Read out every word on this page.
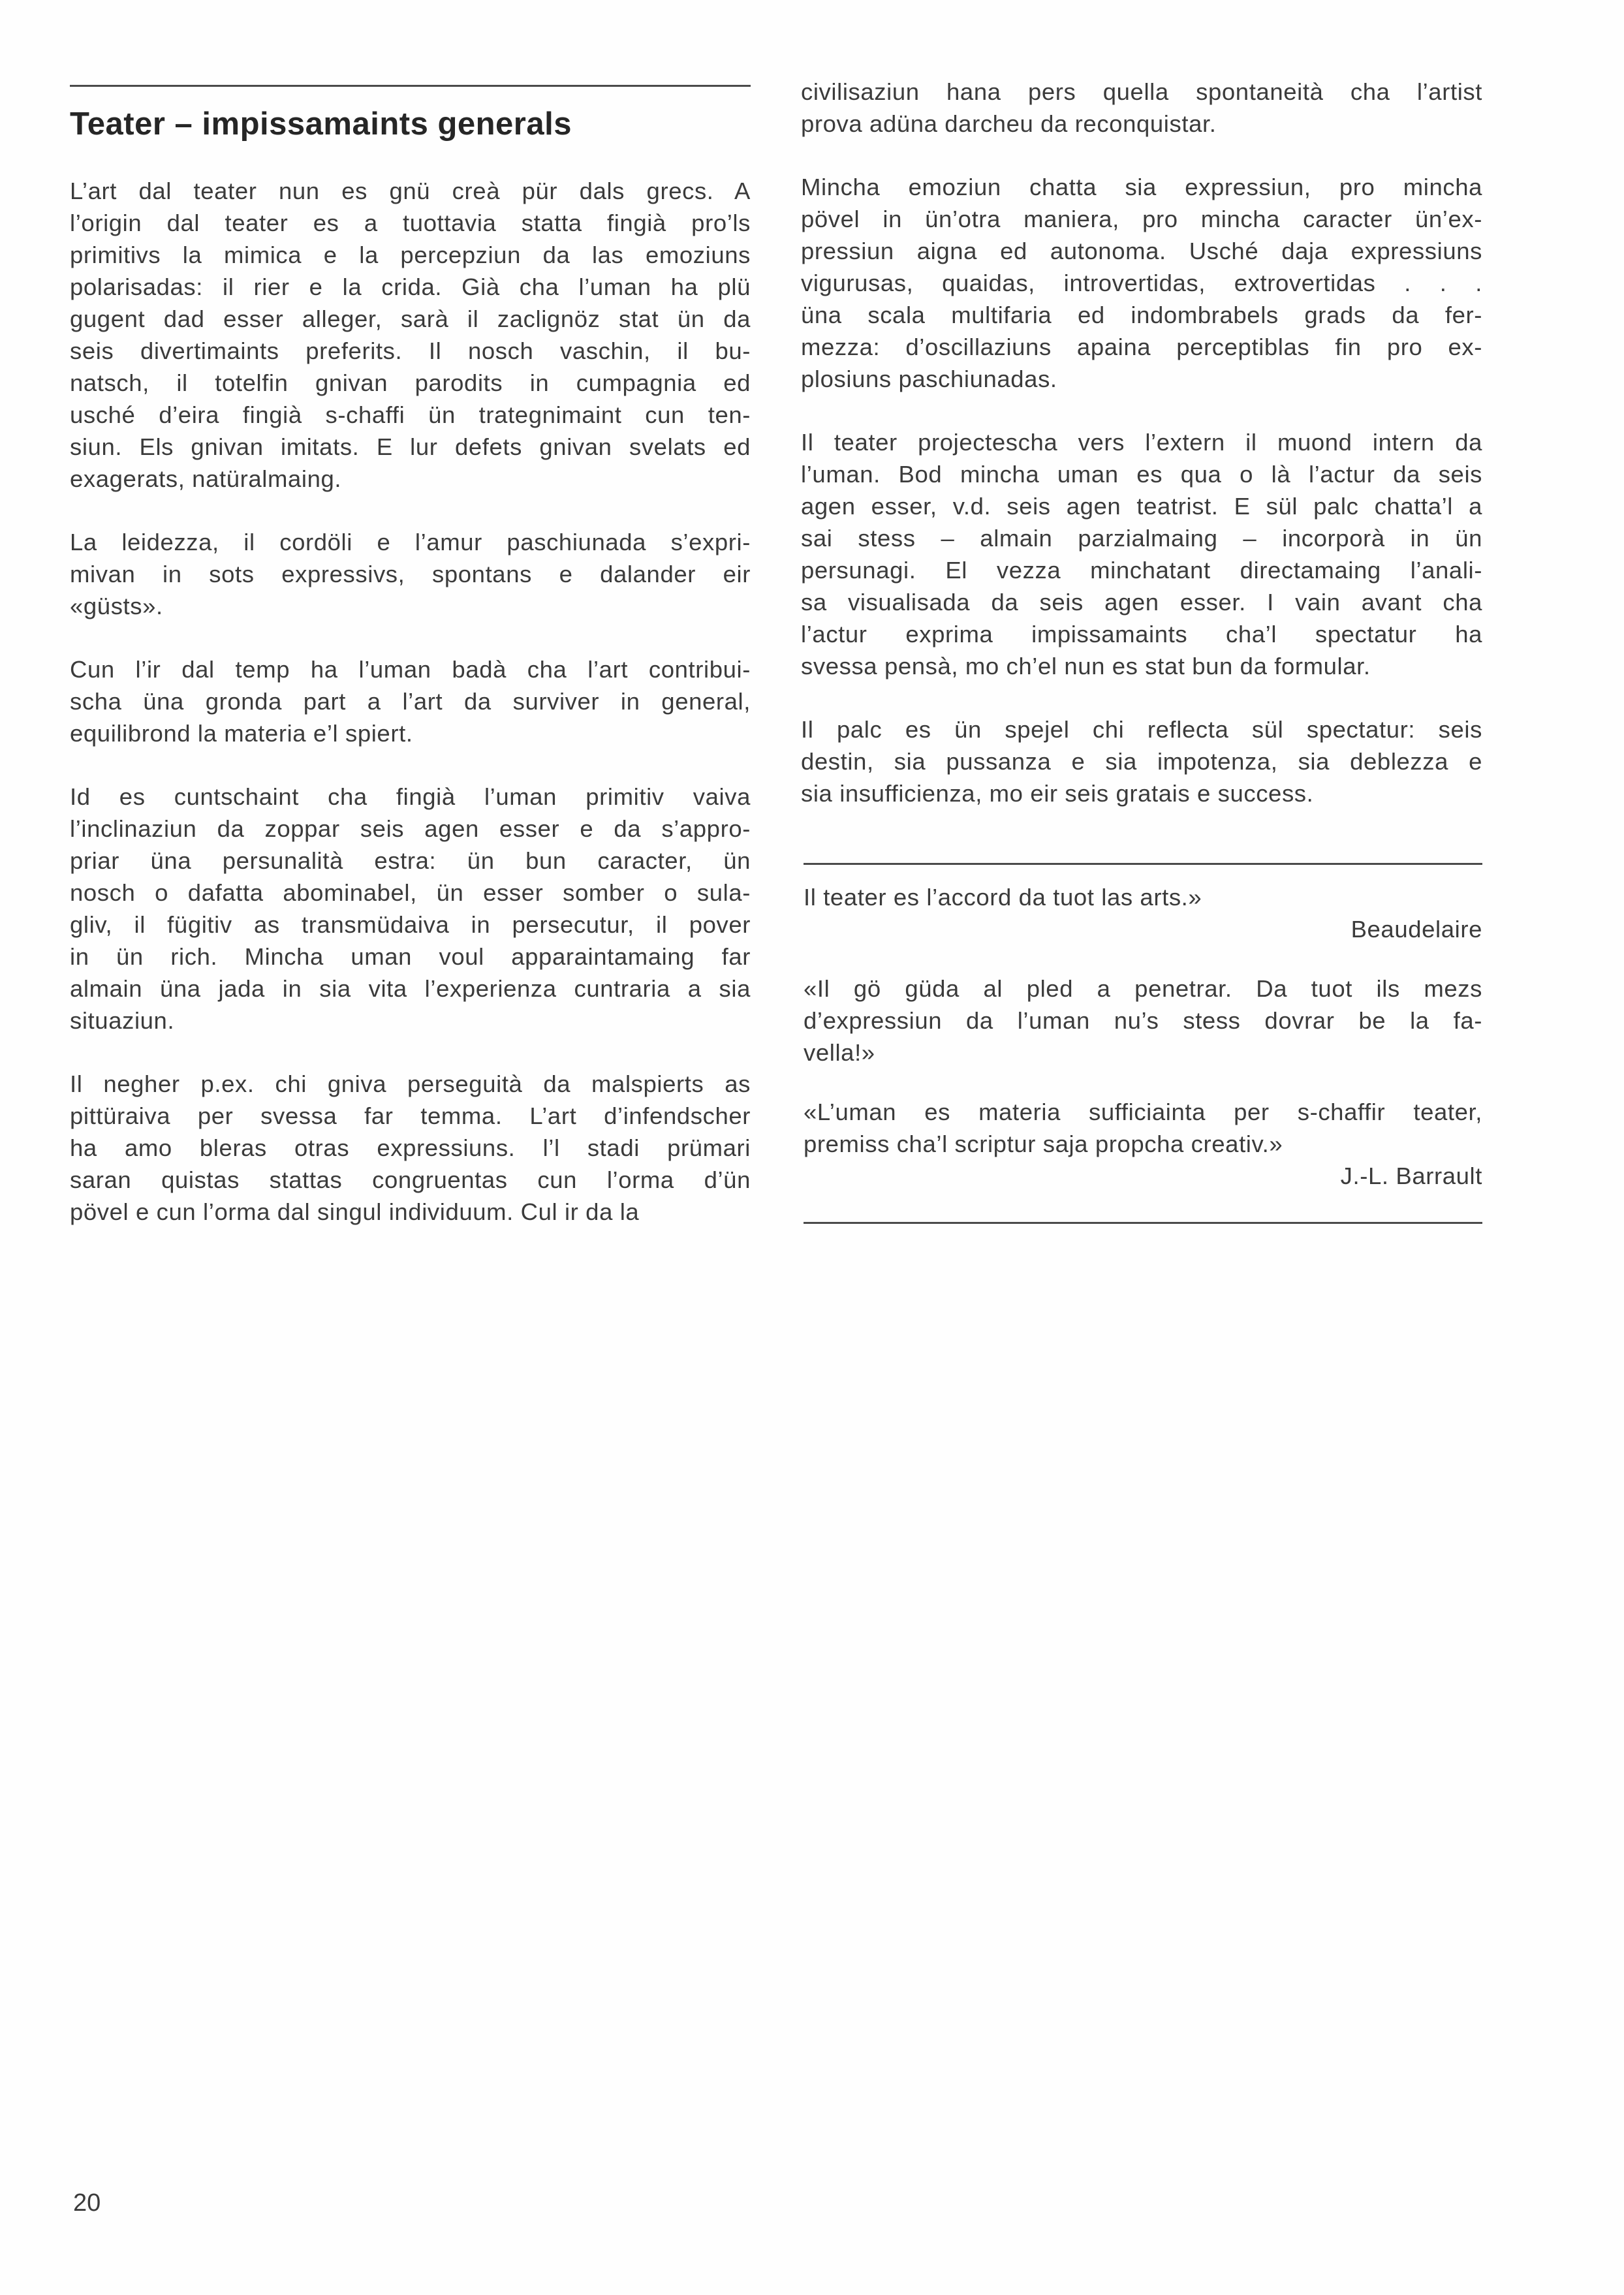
Teater – impissamaints generals

L’art dal teater nun es gnü creà pür dals grecs. A

l’origin dal teater es a tuottavia statta fingià pro’ls

primitivs la mimica e la percepziun da las emoziuns

polarisadas: il rier e la crida. Già cha l’uman ha plü

gugent dad esser alleger, sarà il zaclignöz stat ün da

seis divertimaints preferits. Il nosch vaschin, il bu-

natsch, il totelfin gnivan parodits in cumpagnia ed

usché d’eira fingià s-chaffi ün trategnimaint cun ten-

siun. Els gnivan imitats. E lur defets gnivan svelats ed

exagerats, natüralmaing.

La leidezza, il cordöli e l’amur paschiunada s’expri-

mivan in sots expressivs, spontans e dalander eir

«güsts».

Cun l’ir dal temp ha l’uman badà cha l’art contribui-

scha üna gronda part a l’art da surviver in general,

equilibrond la materia e’l spiert.

Id es cuntschaint cha fingià l’uman primitiv vaiva

l’inclinaziun da zoppar seis agen esser e da s’appro-

priar üna persunalità estra: ün bun caracter, ün

nosch o dafatta abominabel, ün esser somber o sula-

gliv, il fügitiv as transmüdaiva in persecutur, il pover

in ün rich. Mincha uman voul apparaintamaing far

almain üna jada in sia vita l’experienza cuntraria a sia

situaziun.

Il negher p.ex. chi gniva perseguità da malspierts as

pittüraiva per svessa far temma. L’art d’infendscher

ha amo bleras otras expressiuns. l’l stadi prümari

saran quistas stattas congruentas cun l’orma d’ün

pövel e cun l’orma dal singul individuum. Cul ir da la

civilisaziun hana pers quella spontaneità cha l’artist

prova adüna darcheu da reconquistar.

Mincha emoziun chatta sia expressiun, pro mincha

pövel in ün’otra maniera, pro mincha caracter ün’ex-

pressiun aigna ed autonoma. Usché daja expressiuns

vigurusas, quaidas, introvertidas, extrovertidas . . .

üna scala multifaria ed indombrabels grads da fer-

mezza: d’oscillaziuns apaina perceptiblas fin pro ex-

plosiuns paschiunadas.

Il teater projectescha vers l’extern il muond intern da

l’uman. Bod mincha uman es qua o là l’actur da seis

agen esser, v.d. seis agen teatrist. E sül palc chatta’l a

sai stess – almain parzialmaing – incorporà in ün

persunagi. El vezza minchatant directamaing l’anali-

sa visualisada da seis agen esser. I vain avant cha

l’actur exprima impissamaints cha’l spectatur ha

svessa pensà, mo ch’el nun es stat bun da formular.

Il palc es ün spejel chi reflecta sül spectatur: seis

destin, sia pussanza e sia impotenza, sia deblezza e

sia insufficienza, mo eir seis gratais e success.

Il teater es l’accord da tuot las arts.»

Beaudelaire

«Il gö güda al pled a penetrar. Da tuot ils mezs

d’expressiun da l’uman nu’s stess dovrar be la fa-

vella!»

«L’uman es materia sufficiainta per s-chaffir teater,

premiss cha’l scriptur saja propcha creativ.»

J.-L. Barrault

20
